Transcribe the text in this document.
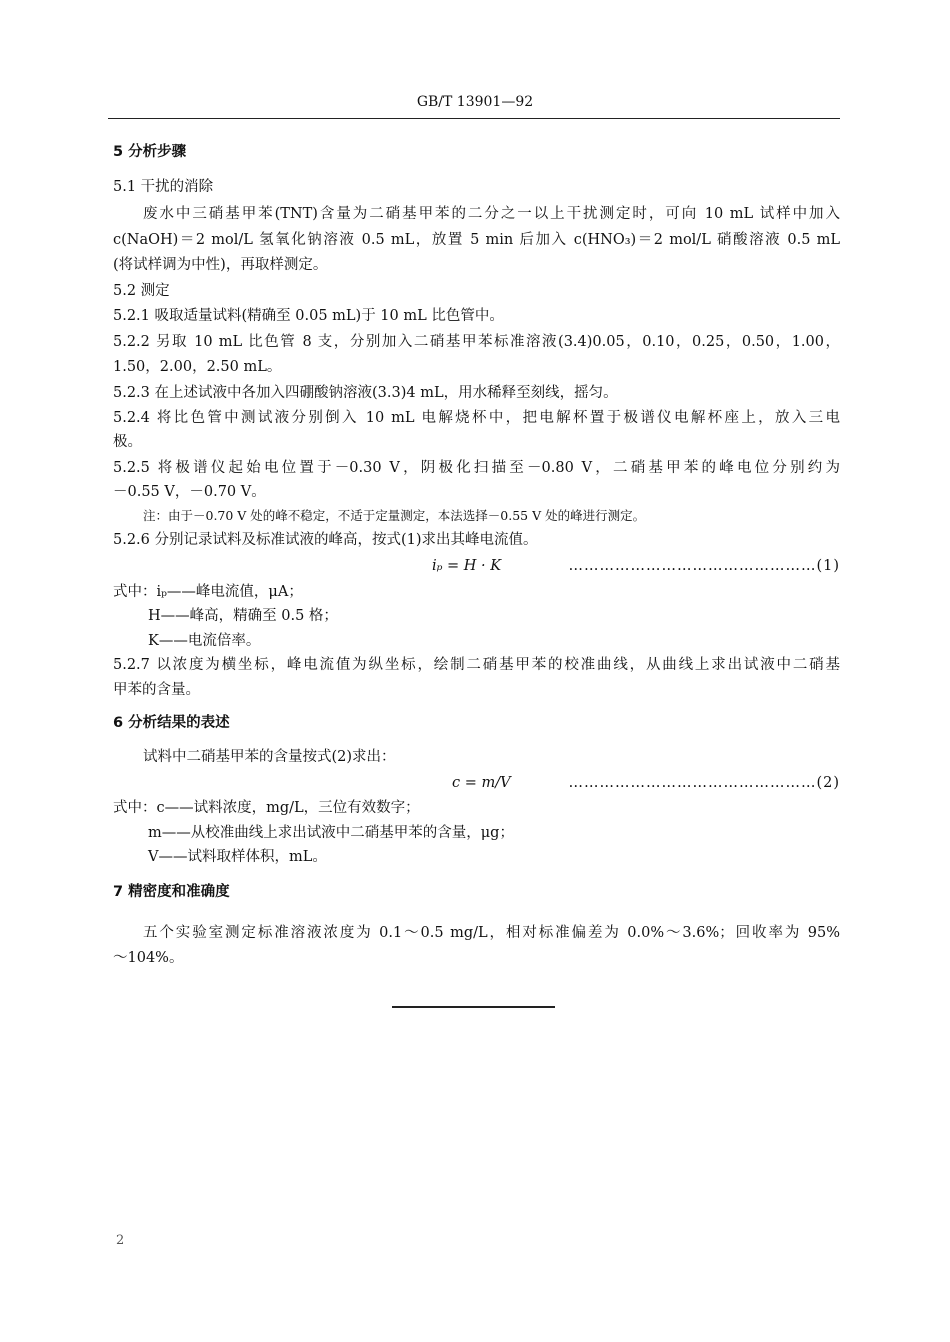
GB/T 13901—92
5 分析步骤
5.1 干扰的消除
废水中三硝基甲苯(TNT)含量为二硝基甲苯的二分之一以上干扰测定时，可向 10 mL 试样中加入
c(NaOH)＝2 mol/L 氢氧化钠溶液 0.5 mL，放置 5 min 后加入 c(HNO₃)＝2 mol/L 硝酸溶液 0.5 mL
(将试样调为中性)，再取样测定。
5.2 测定
5.2.1 吸取适量试料(精确至 0.05 mL)于 10 mL 比色管中。
5.2.2 另取 10 mL 比色管 8 支，分别加入二硝基甲苯标准溶液(3.4)0.05，0.10，0.25，0.50，1.00，
1.50，2.00，2.50 mL。
5.2.3 在上述试液中各加入四硼酸钠溶液(3.3)4 mL，用水稀释至刻线，摇匀。
5.2.4 将比色管中测试液分别倒入 10 mL 电解烧杯中，把电解杯置于极谱仪电解杯座上，放入三电
极。
5.2.5 将极谱仪起始电位置于－0.30 V，阴极化扫描至－0.80 V，二硝基甲苯的峰电位分别约为
－0.55 V，－0.70 V。
注：由于－0.70 V 处的峰不稳定，不适于定量测定，本法选择－0.55 V 处的峰进行测定。
5.2.6 分别记录试料及标准试液的峰高，按式(1)求出其峰电流值。
iₚ = H · K	…………………………………………(1)
式中：iₚ——峰电流值，μA；
H——峰高，精确至 0.5 格；
K——电流倍率。
5.2.7 以浓度为横坐标，峰电流值为纵坐标，绘制二硝基甲苯的校准曲线，从曲线上求出试液中二硝基
甲苯的含量。
6 分析结果的表述
试料中二硝基甲苯的含量按式(2)求出：
c = m/V	…………………………………………(2)
式中：c——试料浓度，mg/L，三位有效数字；
m——从校准曲线上求出试液中二硝基甲苯的含量，μg；
V——试料取样体积，mL。
7 精密度和准确度
五个实验室测定标准溶液浓度为 0.1～0.5 mg/L，相对标准偏差为 0.0%～3.6%；回收率为 95%
～104%。
2
